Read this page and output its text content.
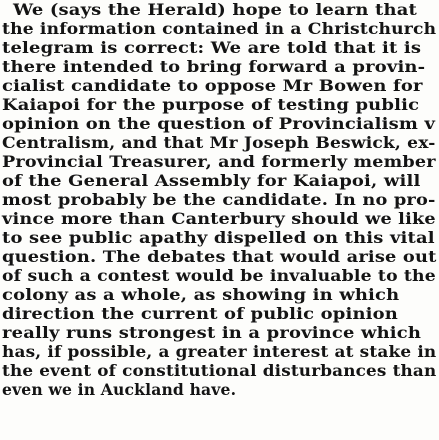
We (says the Herald) hope to learn that
the information contained in a Christchurch
telegram is correct: We are told that it is
there intended to bring forward a provin-
cialist candidate to oppose Mr Bowen for
Kaiapoi for the purpose of testing public
opinion on the question of Provincialism v
Centralism, and that Mr Joseph Beswick, ex-
Provincial Treasurer, and formerly member
of the General Assembly for Kaiapoi, will
most probably be the candidate. In no pro-
vince more than Canterbury should we like
to see public apathy dispelled on this vital
question. The debates that would arise out
of such a contest would be invaluable to the
colony as a whole, as showing in which
direction the current of public opinion
really runs strongest in a province which
has, if possible, a greater interest at stake in
the event of constitutional disturbances than
even we in Auckland have.
